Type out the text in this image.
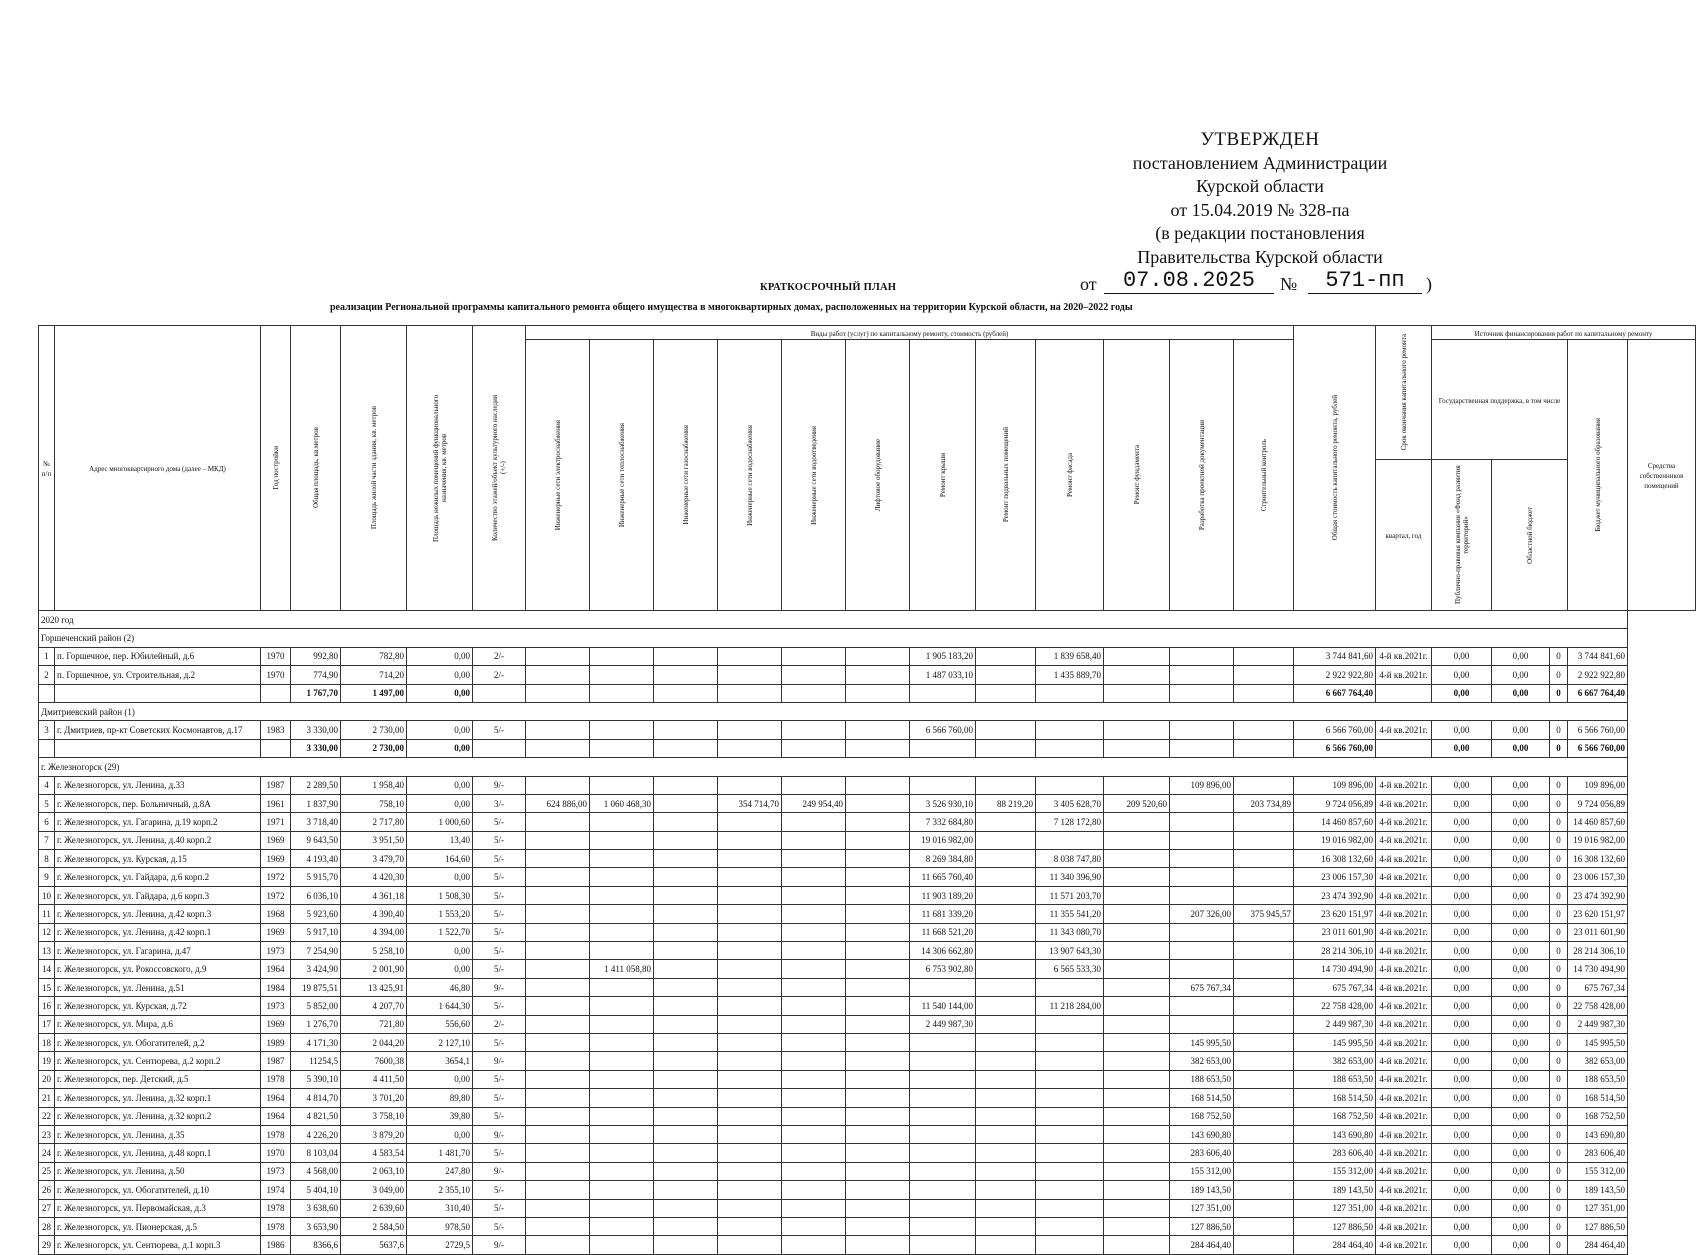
УТВЕРЖДЕН
постановлением Администрации
Курской области
от 15.04.2019 № 328-па
(в редакции постановления
Правительства Курской области
от	07.08.2025	№	571-пп	)
КРАТКОСРОЧНЫЙ ПЛАН
реализации Региональной программы капитального ремонта общего имущества в многоквартирных домах, расположенных на территории Курской области, на 2020–2022 годы
№ п/п	Адрес многоквартирного дома (далее – МКД)	Год постройки	Общая площадь, кв.метров	Площадь жилой части здания, кв. метров	Площадь нежилых помещений функционального назначения, кв. метров	Количество этажей/объект культурного наследия (+/-)	Виды работ (услуг) по капитальному ремонту, стоимость (рублей)												Общая стоимость капитального ремонта, рублей	Срок окончания капитального ремонта	Источник финансирования работ по капитальному ремонту				

							Инженерные сети электроснабжения	Инженерные сети теплоснабжения	Инженерные сети газоснабжения	Инженерные сети водоснабжения	Инженерные сети водоотведения	Лифтовое оборудование	Ремонт крыши	Ремонт подвальных помещений	Ремонт фасада	Ремонт фундамента	Разработка проектной документации	Строительный контроль			Государственная поддержка, в том числе			Бюджет муниципального образования	Средства собственников помещений
																				квартал, год	Публично-правовая компания «Фонд развития территорий»	Областной бюджет			

2020 год																									
Горшеченский район (2)																									
1	п. Горшечное, пер. Юбилейный, д.6	1970	992,80	782,80	0,00	2/-							1 905 183,20		1 839 658,40				3 744 841,60	4-й кв.2021г.	0,00	0,00	0	3 744 841,60	
2	п. Горшечное, ул. Строительная, д.2	1970	774,90	714,20	0,00	2/-							1 487 033,10		1 435 889,70				2 922 922,80	4-й кв.2021г.	0,00	0,00	0	2 922 922,80	
			1 767,70	1 497,00	0,00														6 667 764,40		0,00	0,00	0	6 667 764,40	
Дмитриевский район (1)																									
3	г. Дмитриев, пр-кт Советских Космонавтов, д.17	1983	3 330,00	2 730,00	0,00	5/-							6 566 760,00						6 566 760,00	4-й кв.2021г.	0,00	0,00	0	6 566 760,00	
			3 330,00	2 730,00	0,00														6 566 760,00		0,00	0,00	0	6 566 760,00	
г. Железногорск (29)																									
4	г. Железногорск, ул. Ленина, д.33	1987	2 289,50	1 958,40	0,00	9/-											109 896,00		109 896,00	4-й кв.2021г.	0,00	0,00	0	109 896,00	
5	г. Железногорск, пер. Больничный, д.8А	1961	1 837,90	758,10	0,00	3/-	624 886,00	1 060 468,30		354 714,70	249 954,40		3 526 930,10	88 219,20	3 405 628,70	209 520,60		203 734,89	9 724 056,89	4-й кв.2021г.	0,00	0,00	0	9 724 056,89	
6	г. Железногорск, ул. Гагарина, д.19 корп.2	1971	3 718,40	2 717,80	1 000,60	5/-							7 332 684,80		7 128 172,80				14 460 857,60	4-й кв.2021г.	0,00	0,00	0	14 460 857,60	
7	г. Железногорск, ул. Ленина, д.40 корп.2	1969	9 643,50	3 951,50	13,40	5/-							19 016 982,00						19 016 982,00	4-й кв.2021г.	0,00	0,00	0	19 016 982,00	
8	г. Железногорск, ул. Курская, д.15	1969	4 193,40	3 479,70	164,60	5/-							8 269 384,80		8 038 747,80				16 308 132,60	4-й кв.2021г.	0,00	0,00	0	16 308 132,60	
9	г. Железногорск, ул. Гайдара, д.6 корп.2	1972	5 915,70	4 420,30	0,00	5/-							11 665 760,40		11 340 396,90				23 006 157,30	4-й кв.2021г.	0,00	0,00	0	23 006 157,30	
10	г. Железногорск, ул. Гайдара, д.6 корп.3	1972	6 036,10	4 361,18	1 508,30	5/-							11 903 189,20		11 571 203,70				23 474 392,90	4-й кв.2021г.	0,00	0,00	0	23 474 392,90	
11	г. Железногорск, ул. Ленина, д.42 корп.3	1968	5 923,60	4 390,40	1 553,20	5/-							11 681 339,20		11 355 541,20		207 326,00	375 945,57	23 620 151,97	4-й кв.2021г.	0,00	0,00	0	23 620 151,97	
12	г. Железногорск, ул. Ленина, д.42 корп.1	1969	5 917,10	4 394,00	1 522,70	5/-							11 668 521,20		11 343 080,70				23 011 601,90	4-й кв.2021г.	0,00	0,00	0	23 011 601,90	
13	г. Железногорск, ул. Гагарина, д.47	1973	7 254,90	5 258,10	0,00	5/-							14 306 662,80		13 907 643,30				28 214 306,10	4-й кв.2021г.	0,00	0,00	0	28 214 306,10	
14	г. Железногорск, ул. Рокоссовского, д.9	1964	3 424,90	2 001,90	0,00	5/-		1 411 058,80					6 753 902,80		6 565 533,30				14 730 494,90	4-й кв.2021г.	0,00	0,00	0	14 730 494,90	
15	г. Железногорск, ул. Ленина, д.51	1984	19 875,51	13 425,91	46,80	9/-											675 767,34		675 767,34	4-й кв.2021г.	0,00	0,00	0	675 767,34	
16	г. Железногорск, ул. Курская, д.72	1973	5 852,00	4 207,70	1 644,30	5/-							11 540 144,00		11 218 284,00				22 758 428,00	4-й кв.2021г.	0,00	0,00	0	22 758 428,00	
17	г. Железногорск, ул. Мира, д.6	1969	1 276,70	721,80	556,60	2/-							2 449 987,30						2 449 987,30	4-й кв.2021г.	0,00	0,00	0	2 449 987,30	
18	г. Железногорск, ул. Обогатителей, д.2	1989	4 171,30	2 044,20	2 127,10	5/-											145 995,50		145 995,50	4-й кв.2021г.	0,00	0,00	0	145 995,50	
19	г. Железногорск, ул. Сентюрева, д.2 корп.2	1987	11254,5	7600,38	3654,1	9/-											382 653,00		382 653,00	4-й кв.2021г.	0,00	0,00	0	382 653,00	
20	г. Железногорск, пер. Детский, д.5	1978	5 390,10	4 411,50	0,00	5/-											188 653,50		188 653,50	4-й кв.2021г.	0,00	0,00	0	188 653,50	
21	г. Железногорск, ул. Ленина, д.32 корп.1	1964	4 814,70	3 701,20	89,80	5/-											168 514,50		168 514,50	4-й кв.2021г.	0,00	0,00	0	168 514,50	
22	г. Железногорск, ул. Ленина, д.32 корп.2	1964	4 821,50	3 758,10	39,80	5/-											168 752,50		168 752,50	4-й кв.2021г.	0,00	0,00	0	168 752,50	
23	г. Железногорск, ул. Ленина, д.35	1978	4 226,20	3 879,20	0,00	9/-											143 690,80		143 690,80	4-й кв.2021г.	0,00	0,00	0	143 690,80	
24	г. Железногорск, ул. Ленина, д.48 корп.1	1970	8 103,04	4 583,54	1 481,70	5/-											283 606,40		283 606,40	4-й кв.2021г.	0,00	0,00	0	283 606,40	
25	г. Железногорск, ул. Ленина, д.50	1973	4 568,00	2 063,10	247,80	9/-											155 312,00		155 312,00	4-й кв.2021г.	0,00	0,00	0	155 312,00	
26	г. Железногорск, ул. Обогатителей, д.10	1974	5 404,10	3 049,00	2 355,10	5/-											189 143,50		189 143,50	4-й кв.2021г.	0,00	0,00	0	189 143,50	
27	г. Железногорск, ул. Первомайская, д.3	1978	3 638,60	2 639,60	310,40	5/-											127 351,00		127 351,00	4-й кв.2021г.	0,00	0,00	0	127 351,00	
28	г. Железногорск, ул. Пионерская, д.5	1978	3 653,90	2 584,50	978,50	5/-											127 886,50		127 886,50	4-й кв.2021г.	0,00	0,00	0	127 886,50	
29	г. Железногорск, ул. Сентюрева, д.1 корп.3	1986	8366,6	5637,6	2729,5	9/-											284 464,40		284 464,40	4-й кв.2021г.	0,00	0,00	0	284 464,40	
